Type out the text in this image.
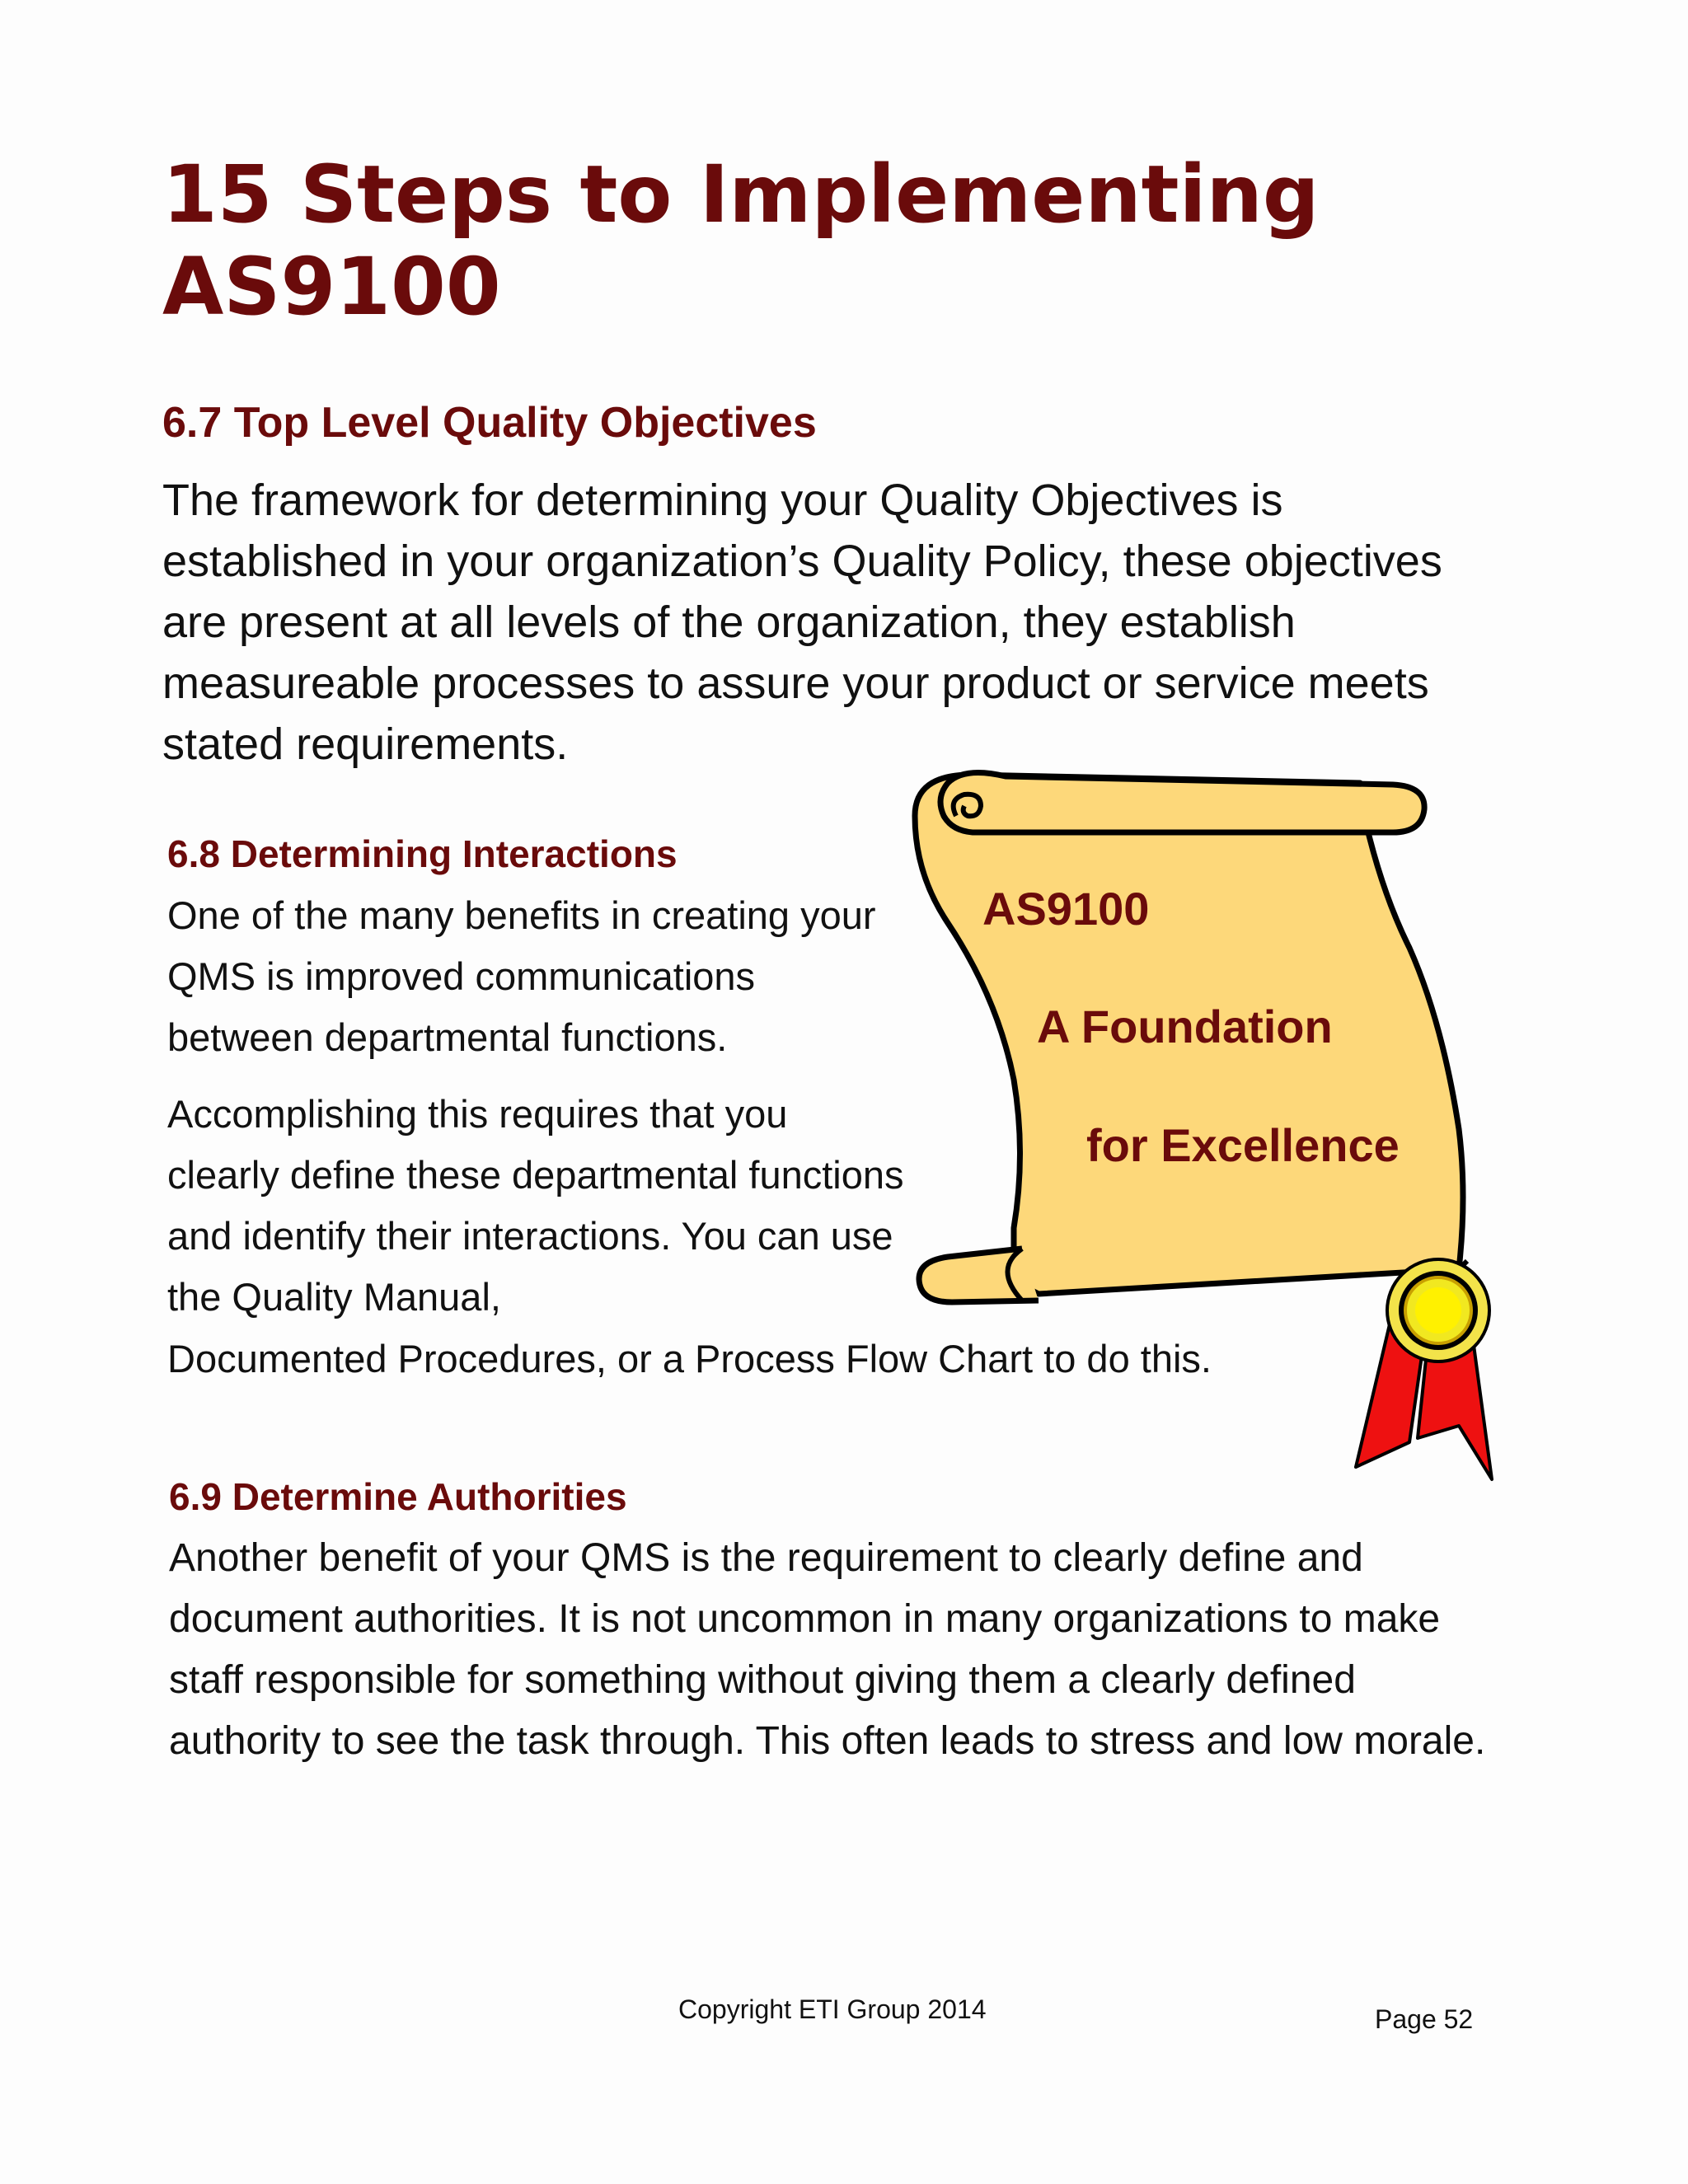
15 Steps to Implementing AS9100
6.7 Top Level Quality Objectives

The framework for determining your Quality Objectives is established in your organization’s Quality Policy, these objectives are present at all levels of the organization, they establish measureable processes to assure your product or service meets stated requirements.

6.8 Determining Interactions

One of the many benefits in creating your QMS is improved communications between departmental functions.

Accomplishing this requires that you clearly define these departmental functions and identify their interactions. You can use the Quality Manual,

Documented Procedures, or a Process Flow Chart to do this.

AS9100

A Foundation

for Excellence

6.9 Determine Authorities

Another benefit of your QMS is the requirement to clearly define and document authorities. It is not uncommon in many organizations to make staff responsible for something without giving them a clearly defined authority to see the task through. This often leads to stress and low morale.

Copyright ETI Group 2014	Page 52
